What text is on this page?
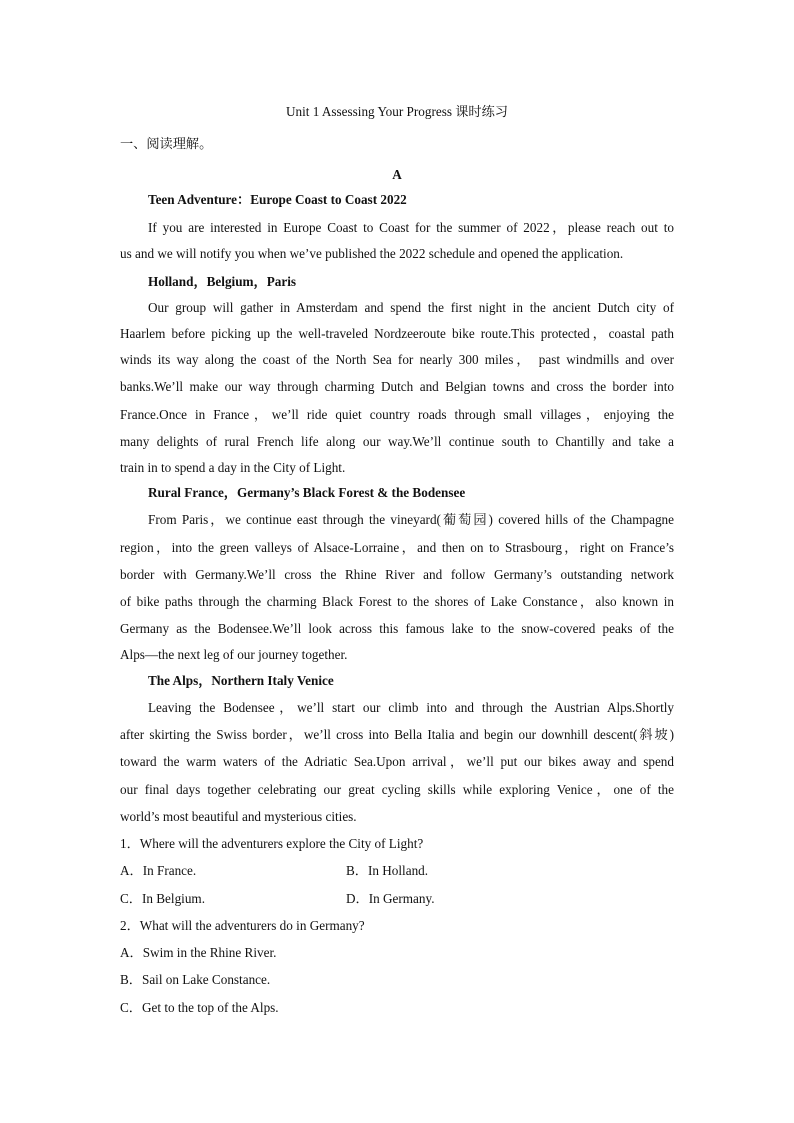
Unit 1 Assessing Your Progress 课时练习
一、阅读理解。
A
Teen Adventure：Europe Coast to Coast 2022
If you are interested in Europe Coast to Coast for the summer of 2022，please reach out to
us and we will notify you when we’ve published the 2022 schedule and opened the application.
Holland，Belgium，Paris
Our group will gather in Amsterdam and spend the first night in the ancient Dutch city of
Haarlem before picking up the well-traveled Nordzeeroute bike route.This protected，coastal path
winds its way along the coast of the North Sea for nearly 300 miles， past windmills and over
banks.We’ll make our way through charming Dutch and Belgian towns and cross the border into
France.Once in France，we’ll ride quiet country roads through small villages，enjoying the
many delights of rural French life along our way.We’ll continue south to Chantilly and take a
train in to spend a day in the City of Light.
Rural France，Germany’s Black Forest & the Bodensee
From Paris，we continue east through the vineyard(葡萄园) covered hills of the Champagne
region，into the green valleys of Alsace-Lorraine，and then on to Strasbourg，right on France’s
border with Germany.We’ll cross the Rhine River and follow Germany’s outstanding network
of bike paths through the charming Black Forest to the shores of Lake Constance，also known in
Germany as the Bodensee.We’ll look across this famous lake to the snow-covered peaks of the
Alps—the next leg of our journey together.
The Alps，Northern Italy Venice
Leaving the Bodensee，we’ll start our climb into and through the Austrian Alps.Shortly
after skirting the Swiss border，we’ll cross into Bella Italia and begin our downhill descent(斜坡)
toward the warm waters of the Adriatic Sea.Upon arrival，we’ll put our bikes away and spend
our final days together celebrating our great cycling skills while exploring Venice，one of the
world’s most beautiful and mysterious cities.
1．Where will the adventurers explore the City of Light?
A．In France.	B．In Holland.
C．In Belgium.	D．In Germany.
2．What will the adventurers do in Germany?
A．Swim in the Rhine River.
B．Sail on Lake Constance.
C．Get to the top of the Alps.
